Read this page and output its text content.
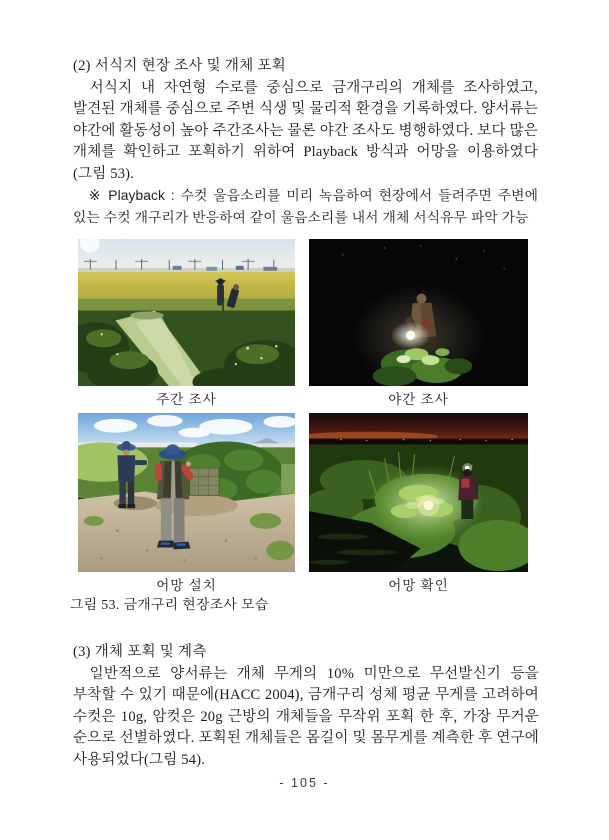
(2) 서식지 현장 조사 및 개체 포획

서식지 내 자연형 수로를 중심으로 금개구리의 개체를 조사하였고, 발견된 개체를 중심으로 주변 식생 및 물리적 환경을 기록하였다. 양서류는 야간에 활동성이 높아 주간조사는 물론 야간 조사도 병행하였다. 보다 많은 개체를 확인하고 포획하기 위하여 Playback 방식과 어망을 이용하였다(그림 53).

※ Playback : 수컷 울음소리를 미리 녹음하여 현장에서 들려주면 주변에 있는 수컷 개구리가 반응하여 같이 울음소리를 내서 개체 서식유무 파악 가능

주간 조사	야간 조사
어망 설치	어망 확인
그림 53. 금개구리 현장조사 모습
(3) 개체 포획 및 계측

일반적으로 양서류는 개체 무게의 10% 미만으로 무선발신기 등을 부착할 수 있기 때문에(HACC 2004), 금개구리 성체 평균 무게를 고려하여 수컷은 10g, 암컷은 20g 근방의 개체들을 무작위 포획 한 후, 가장 무거운 순으로 선별하였다. 포획된 개체들은 몸길이 및 몸무게를 계측한 후 연구에 사용되었다(그림 54).

- 105 -
